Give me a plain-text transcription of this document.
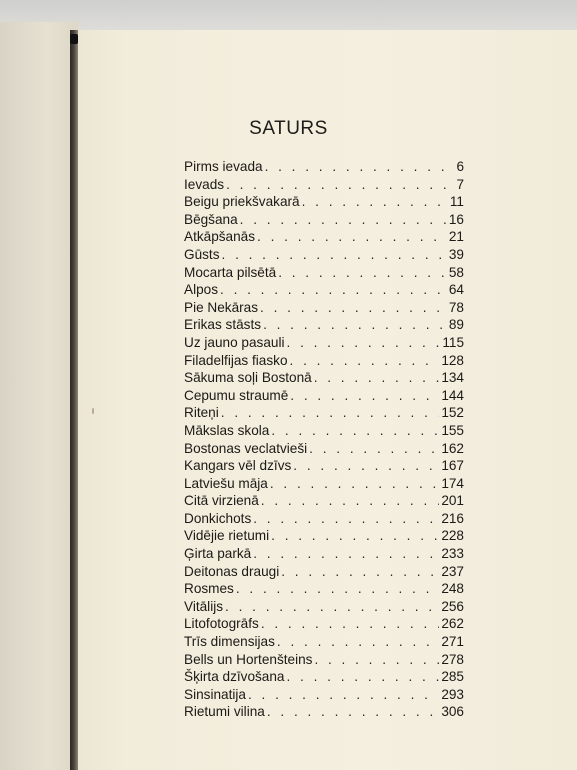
SATURS
Pirms ievada . . .	6
Ievads . . .	7
Beigu priekšvakarā . . .	11
Bēgšana . . .	16
Atkāpšanās . . .	21
Gūsts . . .	39
Mocarta pilsētā . . .	58
Alpos . . .	64
Pie Nekāras . . .	78
Erikas stāsts . . .	89
Uz jauno pasauli . . .	115
Filadelfijas fiasko . . .	128
Sākuma soļi Bostonā . . .	134
Cepumu straumē . . .	144
Riteņi . . .	152
Mākslas skola . . .	155
Bostonas veclatvieši . . .	162
Kangars vēl dzīvs . . .	167
Latviešu māja . . .	174
Citā virzienā . . .	201
Donkichots . . .	216
Vidējie rietumi . . .	228
Ģirta parkā . . .	233
Deitonas draugi . . .	237
Rosmes . . .	248
Vitālijs . . .	256
Litofotogrāfs . . .	262
Trīs dimensijas . . .	271
Bells un Hortenšteins . . .	278
Šķirta dzīvošana . . .	285
Sinsinatija . . .	293
Rietumi vilina . . .	306
